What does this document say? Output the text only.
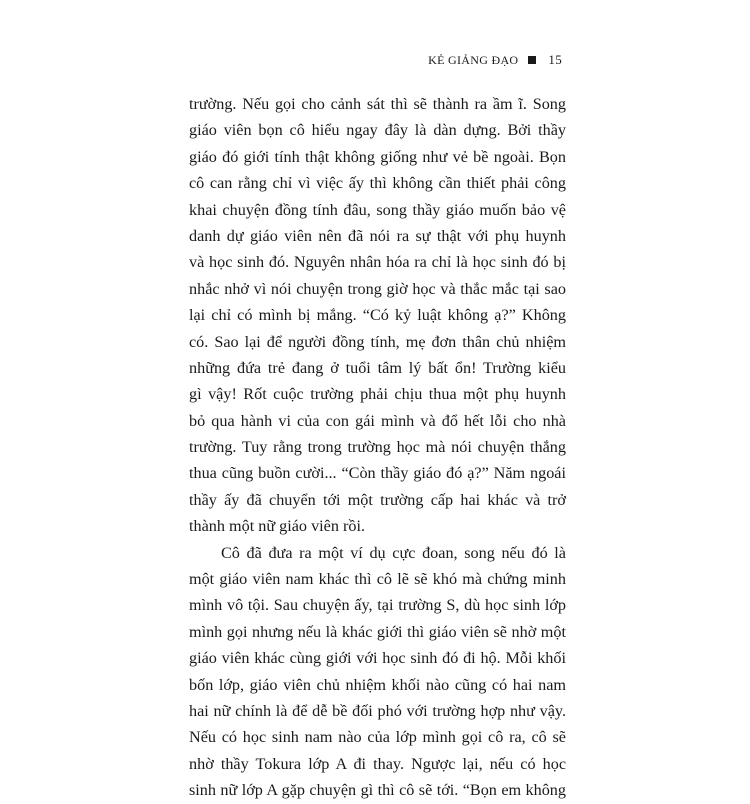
KẺ GIẢNG ĐẠO 15

trường. Nếu gọi cho cảnh sát thì sẽ thành ra ầm ĩ. Song
giáo viên bọn cô hiểu ngay đây là dàn dựng. Bởi thầy
giáo đó giới tính thật không giống như vẻ bề ngoài. Bọn
cô can rằng chỉ vì việc ấy thì không cần thiết phải công
khai chuyện đồng tính đâu, song thầy giáo muốn bảo vệ
danh dự giáo viên nên đã nói ra sự thật với phụ huynh
và học sinh đó. Nguyên nhân hóa ra chỉ là học sinh đó bị
nhắc nhở vì nói chuyện trong giờ học và thắc mắc tại sao
lại chỉ có mình bị mắng. “Có kỷ luật không ạ?” Không
có. Sao lại để người đồng tính, mẹ đơn thân chủ nhiệm
những đứa trẻ đang ở tuổi tâm lý bất ổn! Trường kiểu
gì vậy! Rốt cuộc trường phải chịu thua một phụ huynh
bỏ qua hành vi của con gái mình và đổ hết lỗi cho nhà
trường. Tuy rằng trong trường học mà nói chuyện thắng
thua cũng buồn cười... “Còn thầy giáo đó ạ?” Năm ngoái
thầy ấy đã chuyển tới một trường cấp hai khác và trở
thành một nữ giáo viên rồi.

Cô đã đưa ra một ví dụ cực đoan, song nếu đó là
một giáo viên nam khác thì cô lẽ sẽ khó mà chứng minh
mình vô tội. Sau chuyện ấy, tại trường S, dù học sinh lớp
mình gọi nhưng nếu là khác giới thì giáo viên sẽ nhờ một
giáo viên khác cùng giới với học sinh đó đi hộ. Mỗi khối
bốn lớp, giáo viên chủ nhiệm khối nào cũng có hai nam
hai nữ chính là để dễ bề đối phó với trường hợp như vậy.
Nếu có học sinh nam nào của lớp mình gọi cô ra, cô sẽ
nhờ thầy Tokura lớp A đi thay. Ngược lại, nếu có học
sinh nữ lớp A gặp chuyện gì thì cô sẽ tới. “Bọn em không
